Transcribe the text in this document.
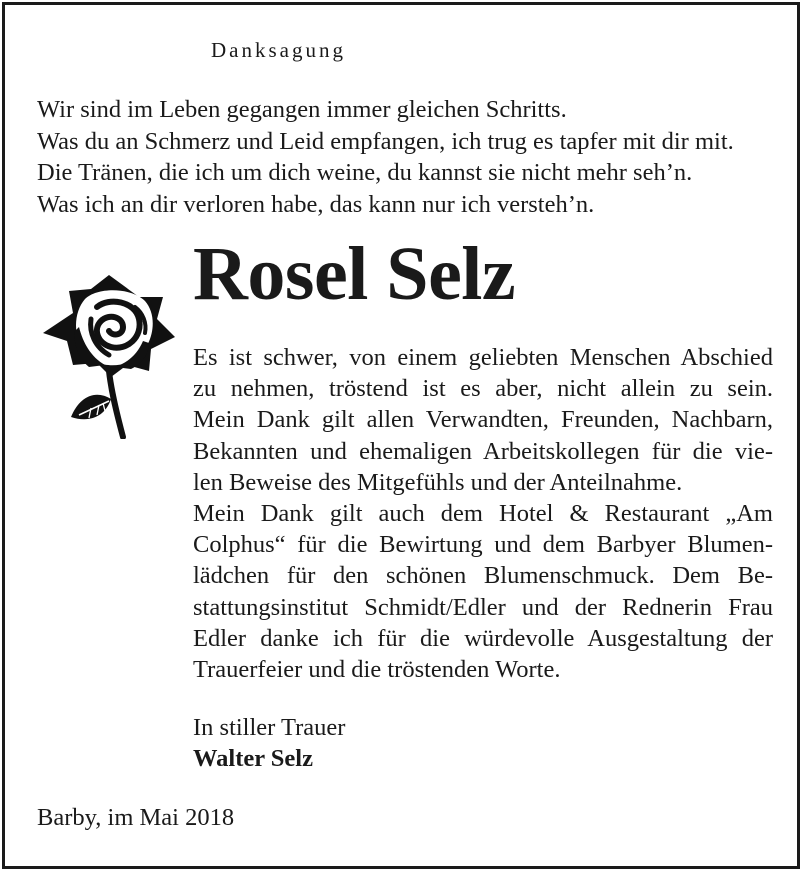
Danksagung
Wir sind im Leben gegangen immer gleichen Schritts.
Was du an Schmerz und Leid empfangen, ich trug es tapfer mit dir mit.
Die Tränen, die ich um dich weine, du kannst sie nicht mehr seh’n.
Was ich an dir verloren habe, das kann nur ich versteh’n.
Rosel Selz
Es ist schwer, von einem geliebten Menschen Abschied
zu nehmen, tröstend ist es aber, nicht allein zu sein.
Mein Dank gilt allen Verwandten, Freunden, Nachbarn,
Bekannten und ehemaligen Arbeitskollegen für die vie-
len Beweise des Mitgefühls und der Anteilnahme.
Mein Dank gilt auch dem Hotel & Restaurant „Am
Colphus“ für die Bewirtung und dem Barbyer Blumen-
lädchen für den schönen Blumenschmuck. Dem Be-
stattungsinstitut Schmidt/Edler und der Rednerin Frau
Edler danke ich für die würdevolle Ausgestaltung der
Trauerfeier und die tröstenden Worte.
In stiller Trauer
Walter Selz
Barby, im Mai 2018
